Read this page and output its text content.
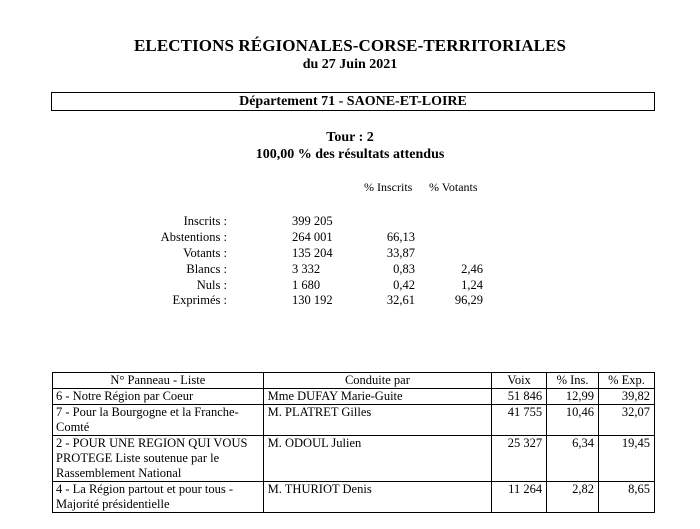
ELECTIONS RÉGIONALES-CORSE-TERRITORIALES
du 27 Juin 2021
Département 71 - SAONE-ET-LOIRE
Tour : 2
100,00 % des résultats attendus
% Inscrits % Votants
Inscrits :	399 205
Abstentions :	264 001	66,13
Votants :	135 204	33,87
Blancs :	3 332	0,83	2,46
Nuls :	1 680	0,42	1,24
Exprimés :	130 192	32,61	96,29
N° Panneau - Liste	Conduite par	Voix	% Ins.	% Exp.
6 - Notre Région par Coeur	Mme DUFAY Marie-Guite	51 846	12,99	39,82
7 - Pour la Bourgogne et la Franche-Comté	M. PLATRET Gilles	41 755	10,46	32,07
2 - POUR UNE REGION QUI VOUS PROTEGE Liste soutenue par le Rassemblement National	M. ODOUL Julien	25 327	6,34	19,45
4 - La Région partout et pour tous - Majorité présidentielle	M. THURIOT Denis	11 264	2,82	8,65
